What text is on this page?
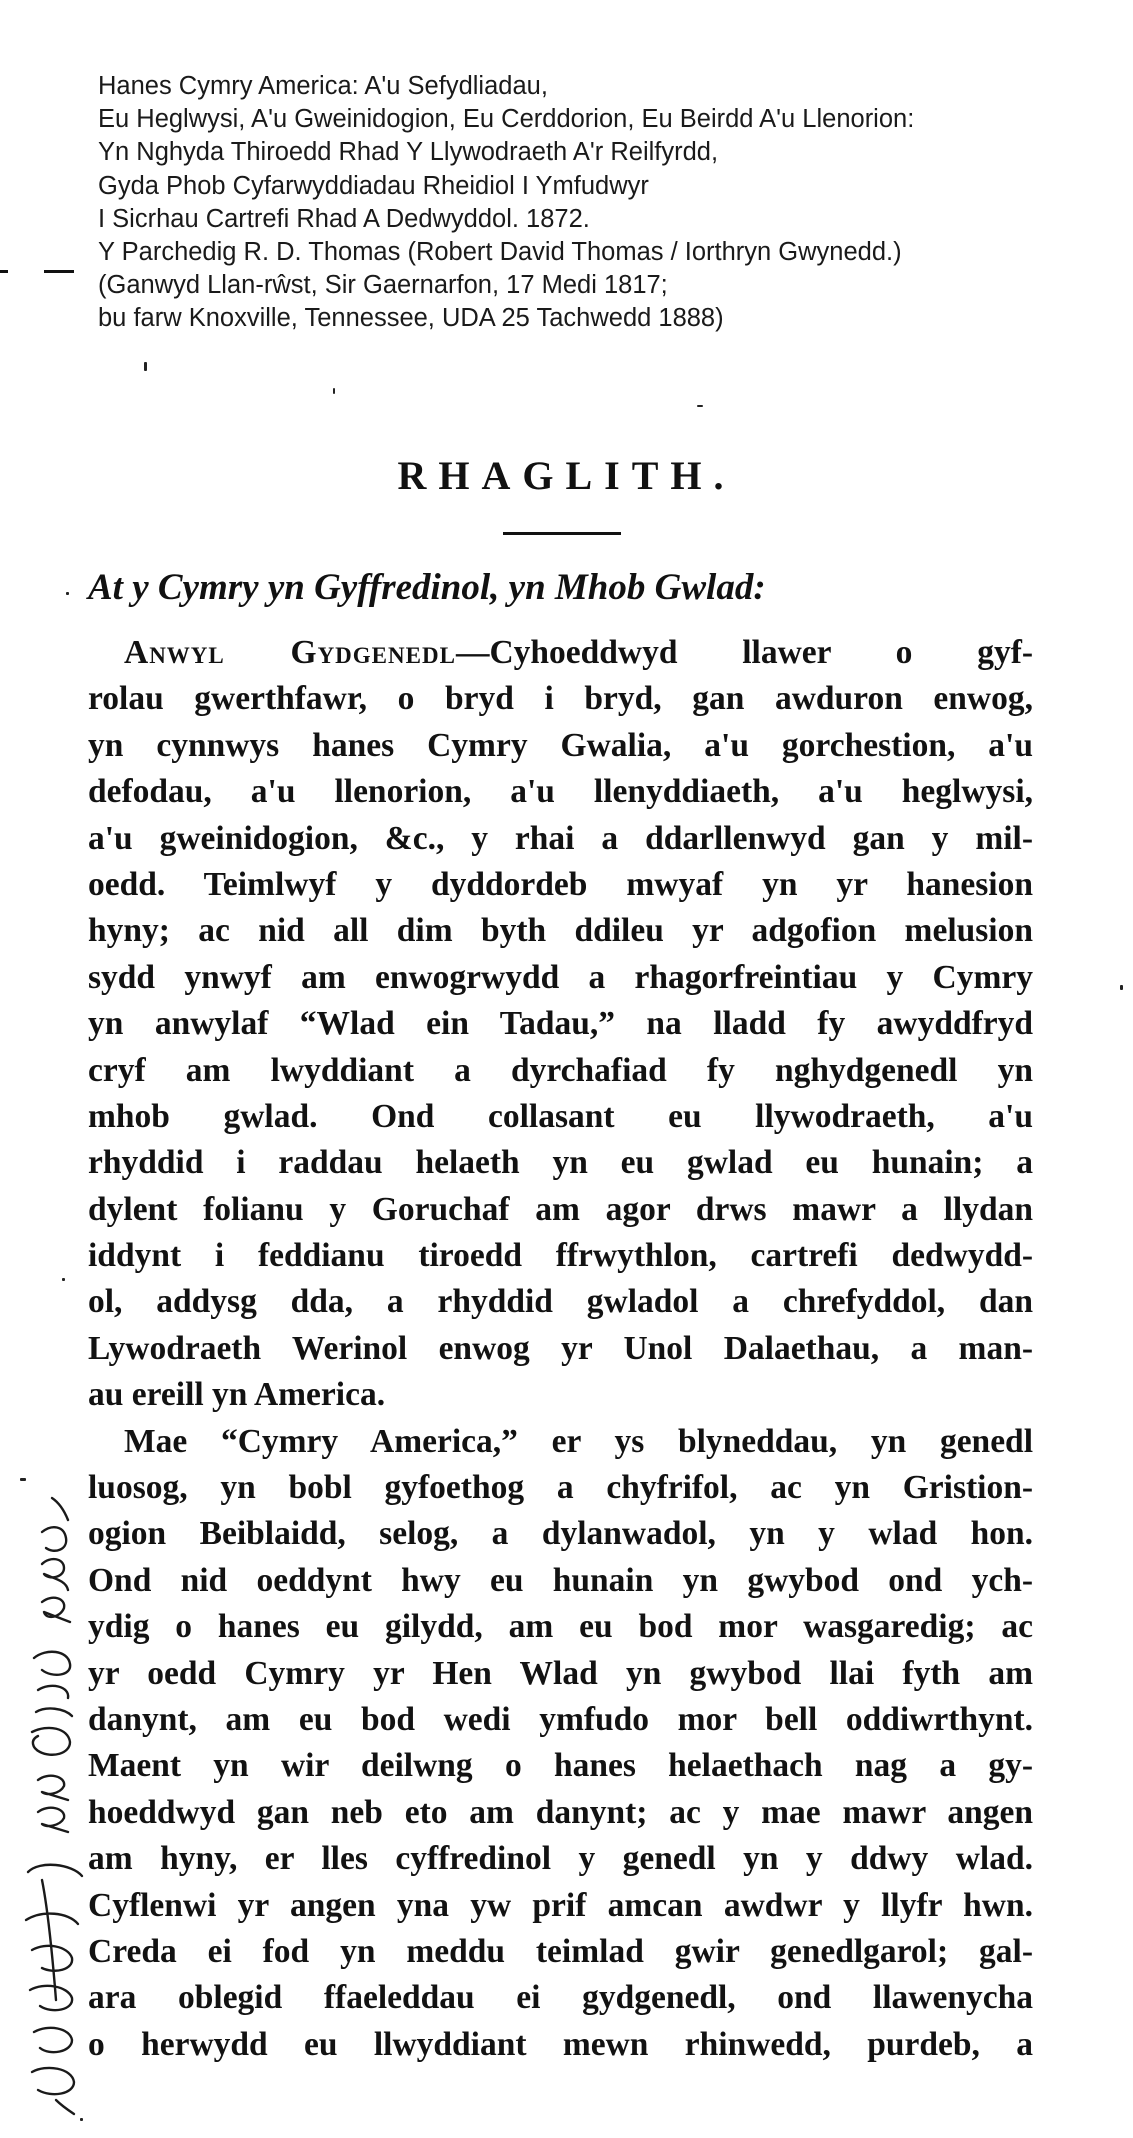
Hanes Cymry America: A'u Sefydliadau,
Eu Heglwysi, A'u Gweinidogion, Eu Cerddorion, Eu Beirdd A'u Llenorion:
Yn Nghyda Thiroedd Rhad Y Llywodraeth A'r Reilfyrdd,
Gyda Phob Cyfarwyddiadau Rheidiol I Ymfudwyr
I Sicrhau Cartrefi Rhad A Dedwyddol. 1872.
Y Parchedig R. D. Thomas (Robert David Thomas / Iorthryn Gwynedd.)
(Ganwyd Llan-rŵst, Sir Gaernarfon, 17 Medi 1817;
bu farw Knoxville, Tennessee, UDA 25 Tachwedd 1888)
RHAGLITH.
At y Cymry yn Gyffredinol, yn Mhob Gwlad:
Anwyl Gydgenedl—Cyhoeddwyd llawer o gyf-
rolau gwerthfawr, o bryd i bryd, gan awduron enwog,
yn cynnwys hanes Cymry Gwalia, a'u gorchestion, a'u
defodau, a'u llenorion, a'u llenyddiaeth, a'u heglwysi,
a'u gweinidogion, &c., y rhai a ddarllenwyd gan y mil-
oedd. Teimlwyf y dyddordeb mwyaf yn yr hanesion
hyny; ac nid all dim byth ddileu yr adgofion melusion
sydd ynwyf am enwogrwydd a rhagorfreintiau y Cymry
yn anwylaf “Wlad ein Tadau,” na lladd fy awyddfryd
cryf am lwyddiant a dyrchafiad fy nghydgenedl yn
mhob gwlad. Ond collasant eu llywodraeth, a'u
rhyddid i raddau helaeth yn eu gwlad eu hunain; a
dylent folianu y Goruchaf am agor drws mawr a llydan
iddynt i feddianu tiroedd ffrwythlon, cartrefi dedwydd-
ol, addysg dda, a rhyddid gwladol a chrefyddol, dan
Lywodraeth Werinol enwog yr Unol Dalaethau, a man-
au ereill yn America.
Mae “Cymry America,” er ys blyneddau, yn genedl
luosog, yn bobl gyfoethog a chyfrifol, ac yn Gristion-
ogion Beiblaidd, selog, a dylanwadol, yn y wlad hon.
Ond nid oeddynt hwy eu hunain yn gwybod ond ych-
ydig o hanes eu gilydd, am eu bod mor wasgaredig; ac
yr oedd Cymry yr Hen Wlad yn gwybod llai fyth am
danynt, am eu bod wedi ymfudo mor bell oddiwrthynt.
Maent yn wir deilwng o hanes helaethach nag a gy-
hoeddwyd gan neb eto am danynt; ac y mae mawr angen
am hyny, er lles cyffredinol y genedl yn y ddwy wlad.
Cyflenwi yr angen yna yw prif amcan awdwr y llyfr hwn.
Creda ei fod yn meddu teimlad gwir genedlgarol; gal-
ara oblegid ffaeleddau ei gydgenedl, ond llawenycha
o herwydd eu llwyddiant mewn rhinwedd, purdeb, a
